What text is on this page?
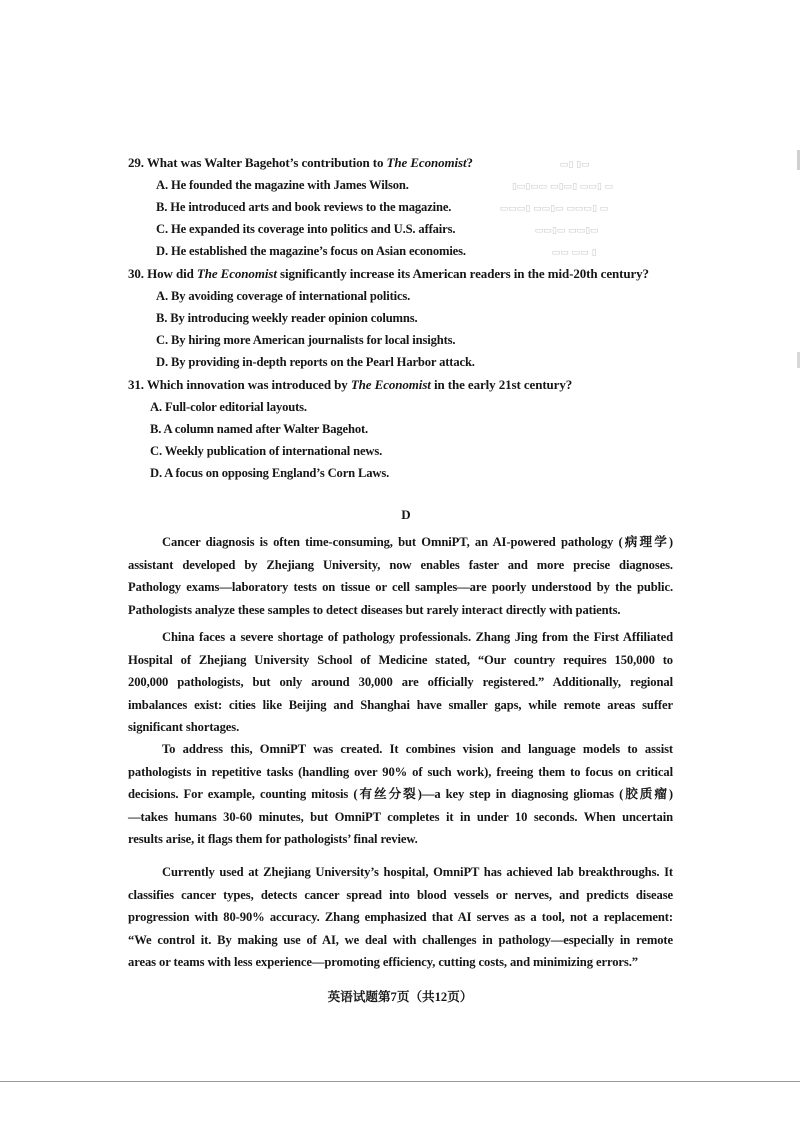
▭▯ ▯▭
▭ ▯▭▭ ▯▭▯▭ ▭▭▯▭▯
▭ ▯▭▭▭ ▭▯▭▭ ▯▭▭▭
▭▯▭▭ ▭▯▭▭
▯ ▭▭ ▭▭
29. What was Walter Bagehot’s contribution to The Economist?
A. He founded the magazine with James Wilson.
B. He introduced arts and book reviews to the magazine.
C. He expanded its coverage into politics and U.S. affairs.
D. He established the magazine’s focus on Asian economies.
30. How did The Economist significantly increase its American readers in the mid-20th century?
A. By avoiding coverage of international politics.
B. By introducing weekly reader opinion columns.
C. By hiring more American journalists for local insights.
D. By providing in-depth reports on the Pearl Harbor attack.
31. Which innovation was introduced by The Economist in the early 21st century?
A. Full-color editorial layouts.
B. A column named after Walter Bagehot.
C. Weekly publication of international news.
D. A focus on opposing England’s Corn Laws.
D
Cancer diagnosis is often time-consuming, but OmniPT, an AI-powered pathology (病理学)
assistant developed by Zhejiang University, now enables faster and more precise diagnoses.
Pathology exams—laboratory tests on tissue or cell samples—are poorly understood by the public.
Pathologists analyze these samples to detect diseases but rarely interact directly with patients.
China faces a severe shortage of pathology professionals. Zhang Jing from the First Affiliated
Hospital of Zhejiang University School of Medicine stated, “Our country requires 150,000 to
200,000 pathologists, but only around 30,000 are officially registered.” Additionally, regional
imbalances exist: cities like Beijing and Shanghai have smaller gaps, while remote areas suffer
significant shortages.
To address this, OmniPT was created. It combines vision and language models to assist
pathologists in repetitive tasks (handling over 90% of such work), freeing them to focus on critical
decisions. For example, counting mitosis (有丝分裂)—a key step in diagnosing gliomas (胶质瘤)
—takes humans 30-60 minutes, but OmniPT completes it in under 10 seconds. When uncertain
results arise, it flags them for pathologists’ final review.
Currently used at Zhejiang University’s hospital, OmniPT has achieved lab breakthroughs. It
classifies cancer types, detects cancer spread into blood vessels or nerves, and predicts disease
progression with 80-90% accuracy. Zhang emphasized that AI serves as a tool, not a replacement:
“We control it. By making use of AI, we deal with challenges in pathology—especially in remote
areas or teams with less experience—promoting efficiency, cutting costs, and minimizing errors.”
英语试题第7页（共12页）
